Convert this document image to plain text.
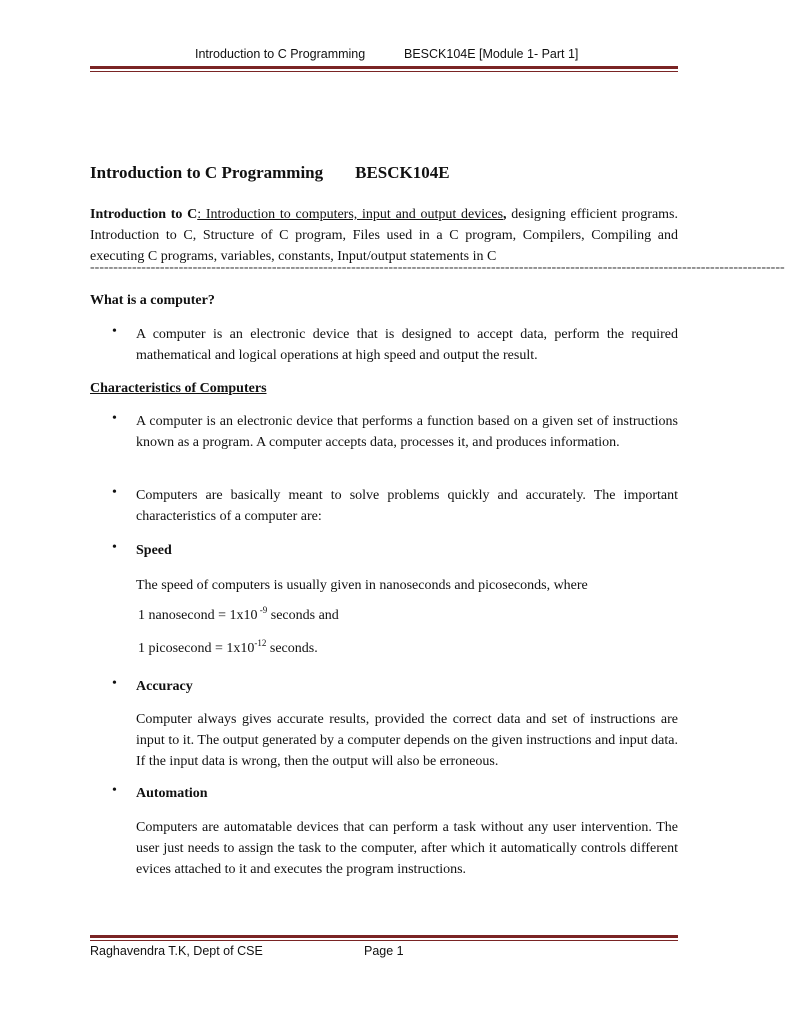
Introduction to C Programming	BESCK104E [Module 1- Part 1]
Introduction to C Programming BESCK104E
Introduction to C: Introduction to computers, input and output devices, designing efficient programs. Introduction to C, Structure of C program, Files used in a C program, Compilers, Compiling and executing C programs, variables, constants, Input/output statements in C
-----------------------------------------------------------------------------------------------------------------------------------------------------
What is a computer?
• A computer is an electronic device that is designed to accept data, perform the required mathematical and logical operations at high speed and output the result.
Characteristics of Computers
• A computer is an electronic device that performs a function based on a given set of instructions known as a program. A computer accepts data, processes it, and produces information.
• Computers are basically meant to solve problems quickly and accurately. The important characteristics of a computer are:
• Speed
The speed of computers is usually given in nanoseconds and picoseconds, where
1 nanosecond = 1x10 $^{-9}$ seconds and
1 picosecond = $1x10^{-12}$ seconds.
• Accuracy
Computer always gives accurate results, provided the correct data and set of instructions are input to it. The output generated by a computer depends on the given instructions and input data. If the input data is wrong, then the output will also be erroneous.
• Automation
Computers are automatable devices that can perform a task without any user intervention. The user just needs to assign the task to the computer, after which it automatically controls different evices attached to it and executes the program instructions.
Raghavendra T.K, Dept of CSE	Page 1
